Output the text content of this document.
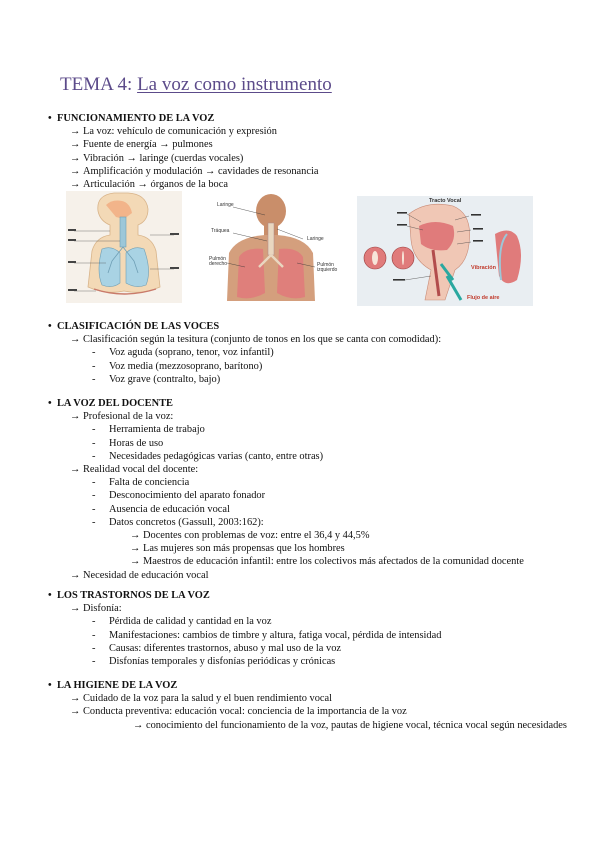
TEMA 4: La voz como instrumento
• FUNCIONAMIENTO DE LA VOZ
→ La voz: vehículo de comunicación y expresión
→ Fuente de energía → pulmones
→ Vibración → laringe (cuerdas vocales)
→ Amplificación y modulación → cavidades de resonancia
→ Articulación → órganos de la boca
Laringe
Tráquea
Laringe
Pulmón derecho	Pulmón izquierdo
Tracto Vocal
Vibración
Flujo de aire
• CLASIFICACIÓN DE LAS VOCES
→ Clasificación según la tesitura (conjunto de tonos en los que se canta con comodidad):
- Voz aguda (soprano, tenor, voz infantil)
- Voz media (mezzosoprano, barítono)
- Voz grave (contralto, bajo)
• LA VOZ DEL DOCENTE
→ Profesional de la voz:
- Herramienta de trabajo
- Horas de uso
- Necesidades pedagógicas varias (canto, entre otras)
→ Realidad vocal del docente:
- Falta de conciencia
- Desconocimiento del aparato fonador
- Ausencia de educación vocal
- Datos concretos (Gassull, 2003:162):
→ Docentes con problemas de voz: entre el 36,4 y 44,5%
→ Las mujeres son más propensas que los hombres
→ Maestros de educación infantil: entre los colectivos más afectados de la comunidad docente
→ Necesidad de educación vocal
• LOS TRASTORNOS DE LA VOZ
→ Disfonía:
- Pérdida de calidad y cantidad en la voz
- Manifestaciones: cambios de timbre y altura, fatiga vocal, pérdida de intensidad
- Causas: diferentes trastornos, abuso y mal uso de la voz
- Disfonías temporales y disfonías periódicas y crónicas
• LA HIGIENE DE LA VOZ
→ Cuidado de la voz para la salud y el buen rendimiento vocal
→ Conducta preventiva: educación vocal: conciencia de la importancia de la voz
→ conocimiento del funcionamiento de la voz, pautas de higiene vocal, técnica vocal según necesidades
